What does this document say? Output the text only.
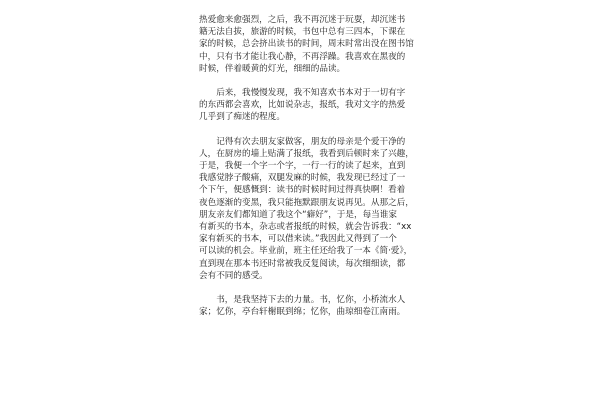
热爱愈来愈强烈，之后，我不再沉迷于玩耍，却沉迷书
籍无法自拔，旅游的时候，书包中总有三四本，下课在
家的时候，总会挤出读书的时间，周末时常出没在图书馆
中，只有书才能让我心静，不再浮躁。我喜欢在黑夜的
时候，伴着暖黄的灯光，细细的品读。

　　后来，我慢慢发现，我不知喜欢书本对于一切有字
的东西都会喜欢，比如说杂志，报纸，我对文字的热爱
几乎到了痴迷的程度。

　　记得有次去朋友家做客，朋友的母亲是个爱干净的
人，在厨房的墙上贴满了报纸，我看到后顿时来了兴趣，
于是，我便一个字一个字，一行一行的读了起来，直到
我感觉脖子酸痛，双腿发麻的时候，我发现已经过了一
个下午，便感慨到：读书的时候时间过得真快啊！看着
夜色逐渐的变黑，我只能拖默跟朋友说再见。从那之后，
朋友亲友们都知道了我这个“癖好”，于是，每当谁家
有新买的书本，杂志或者报纸的时候，就会告诉我：“xx
家有新买的书本，可以借来读。”我因此又得到了一个
可以读的机会。毕业前，班主任还给我了一本《简·爱》，
直到现在那本书还时常被我反复阅读，每次细细读，都
会有不同的感受。

　　书，是我坚持下去的力量。书，忆你，小桥流水人
家；忆你，亭台轩榭眠到绵；忆你，曲琼细卷江南雨。
